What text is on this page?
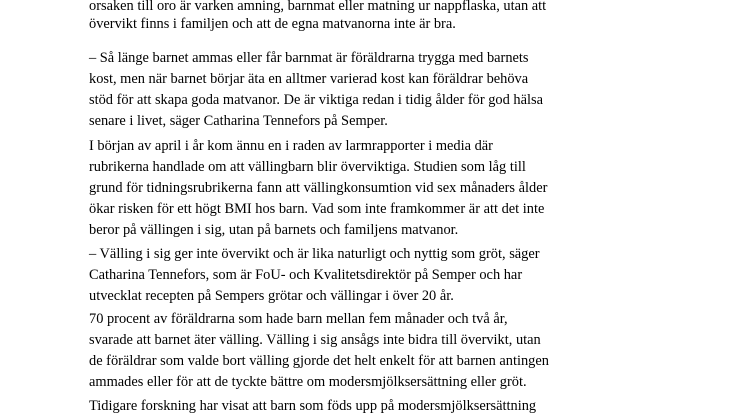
orsaken till oro är varken amning, barnmat eller matning ur nappflaska, utan att

övervikt finns i familjen och att de egna matvanorna inte är bra.

– Så länge barnet ammas eller får barnmat är föräldrarna trygga med barnets

kost, men när barnet börjar äta en alltmer varierad kost kan föräldrar behöva

stöd för att skapa goda matvanor. De är viktiga redan i tidig ålder för god hälsa

senare i livet, säger Catharina Tennefors på Semper.

I början av april i år kom ännu en i raden av larmrapporter i media där

rubrikerna handlade om att vällingbarn blir överviktiga. Studien som låg till

grund för tidningsrubrikerna fann att vällingkonsumtion vid sex månaders ålder

ökar risken för ett högt BMI hos barn. Vad som inte framkommer är att det inte

beror på vällingen i sig, utan på barnets och familjens matvanor.

– Välling i sig ger inte övervikt och är lika naturligt och nyttig som gröt, säger

Catharina Tennefors, som är FoU- och Kvalitetsdirektör på Semper och har

utvecklat recepten på Sempers grötar och vällingar i över 20 år.

70 procent av föräldrarna som hade barn mellan fem månader och två år,

svarade att barnet äter välling. Välling i sig ansågs inte bidra till övervikt, utan

de föräldrar som valde bort välling gjorde det helt enkelt för att barnen antingen

ammades eller för att de tyckte bättre om modersmjölksersättning eller gröt.

Tidigare forskning har visat att barn som föds upp på modersmjölksersättning
